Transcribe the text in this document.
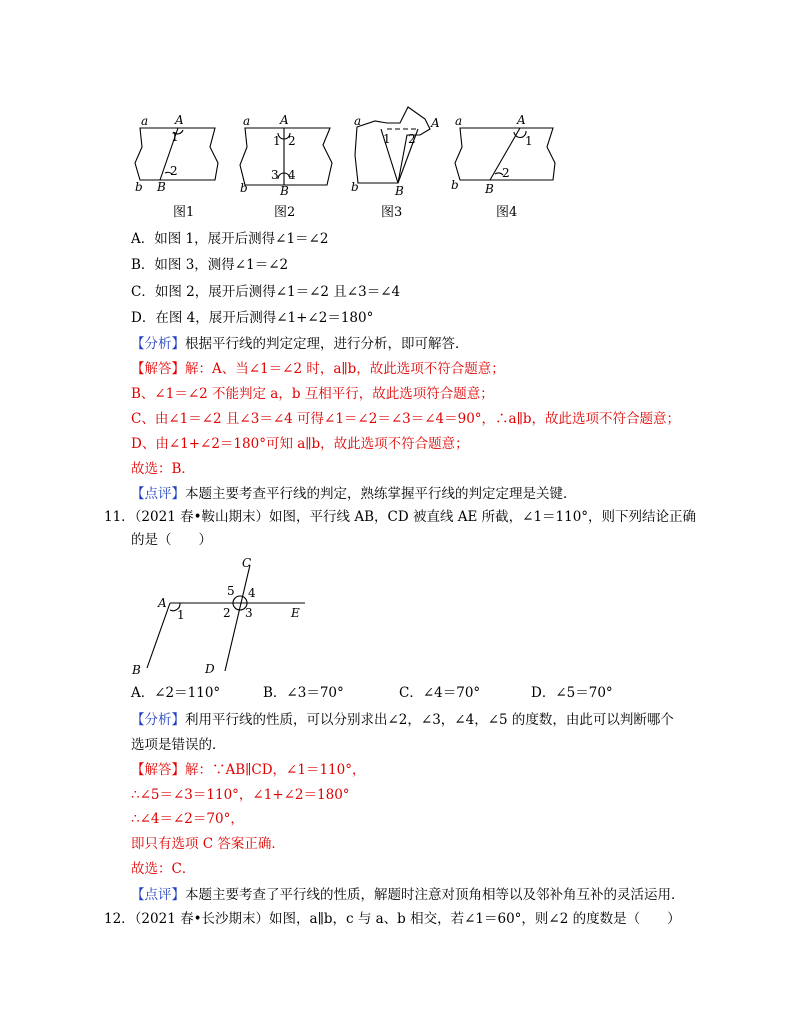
a A
1
2
b B
a A
1 2
3 4
b	B
a	A
1 2
b	B
a	A
1
2
b B
图1	图2	图3	图4
A．如图 1，展开后测得∠1＝∠2
B．如图 3，测得∠1＝∠2
C．如图 2，展开后测得∠1＝∠2 且∠3＝∠4
D．在图 4，展开后测得∠1+∠2＝180°
【分析】根据平行线的判定定理，进行分析，即可解答．
【解答】解：A、当∠1＝∠2 时，a∥b，故此选项不符合题意；
B、∠1＝∠2 不能判定 a，b 互相平行，故此选项符合题意；
C、由∠1＝∠2 且∠3＝∠4 可得∠1＝∠2＝∠3＝∠4＝90°，∴a∥b，故此选项不符合题意；
D、由∠1+∠2＝180°可知 a∥b，故此选项不符合题意；
故选：B．
【点评】本题主要考查平行线的判定，熟练掌握平行线的判定定理是关键．
11．（2021 春•鞍山期末）如图，平行线 AB，CD 被直线 AE 所截，∠1＝110°，则下列结论正确
的是（　　）
A
1
B
C
5 4
2 3	E
D
A．∠2＝110°	B．∠3＝70°	C．∠4＝70°	D．∠5＝70°
【分析】利用平行线的性质，可以分别求出∠2，∠3，∠4，∠5 的度数，由此可以判断哪个
选项是错误的．
【解答】解：∵AB∥CD，∠1＝110°，
∴∠5＝∠3＝110°，∠1+∠2＝180°
∴∠4＝∠2＝70°，
即只有选项 C 答案正确．
故选：C．
【点评】本题主要考查了平行线的性质，解题时注意对顶角相等以及邻补角互补的灵活运用．
12．（2021 春•长沙期末）如图，a∥b，c 与 a、b 相交，若∠1＝60°，则∠2 的度数是（　　）
